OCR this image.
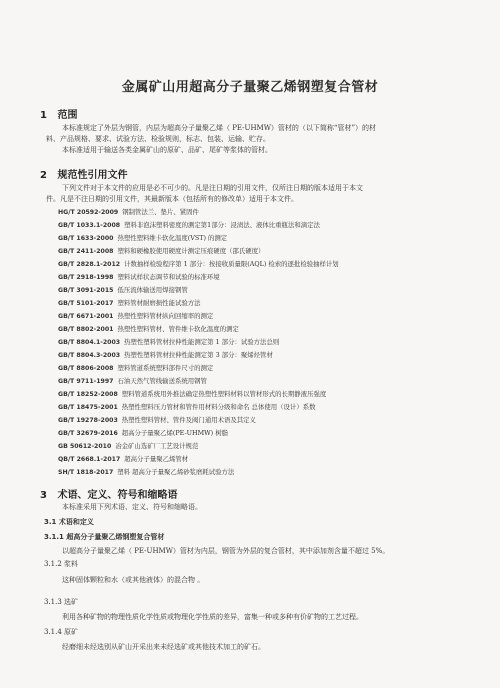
金属矿山用超高分子量聚乙烯钢塑复合管材
1 范围
本标准规定了外层为钢管，内层为超高分子量聚乙烯（ PE-UHMW）管材的（以下简称“管材”）的材
料、产品规格、要求、试验方法、检验规则，标志、包装、运输、贮存。
本标准适用于输送各类金属矿山的原矿、品矿、尾矿等浆体的管材。
2 规范性引用文件
下列文件对于本文件的应用是必不可少的。凡是注日期的引用文件，仅所注日期的版本适用于本文
件。凡是不注日期的引用文件，其最新版本（包括所有的修改单）适用于本文件。
HG/T 20592-2009 钢制管法兰、垫片、紧固件
GB/T 1033.1-2008 塑料非泡沫塑料密度的测定第1部分：浸渍法、液体比重瓶法和滴定法
GB/T 1633-2000 热塑性塑料维卡软化温度(VST) 的测定
GB/T 2411-2008 塑料和硬橡胶使用硬度计测定压痕硬度（邵氏硬度）
GB/T 2828.1-2012 计数抽样检验程序第 1 部分：按接收质量限(AQL) 检索的逐批检验抽样计划
GB/T 2918-1998 塑料试样状态调节和试验的标准环境
GB/T 3091-2015 低压流体输送用焊接钢管
GB/T 5101-2017 塑料管材耐磨损性能试验方法
GB/T 6671-2001 热塑性塑料管材纵向回缩率的测定
GB/T 8802-2001 热塑性塑料管材、管件维卡软化温度的测定
GB/T 8804.1-2003 热塑性塑料管材拉伸性能测定第 1 部分：试验方法总则
GB/T 8804.3-2003 热塑性塑料管材拉伸性能测定第 3 部分：聚烯烃管材
GB/T 8806-2008 塑料管道系统塑料部件尺寸的测定
GB/T 9711-1997 石油天然气管线输送系统用钢管
GB/T 18252-2008 塑料管道系统用外推法确定热塑性塑料材料以管材形式的长期静液压强度
GB/T 18475-2001 热塑性塑料压力管材和管件用材料分级和命名 总体使用（设计）系数
GB/T 19278-2003 热塑性塑料管材、管件及阀门通用术语及其定义
GB/T 32679-2016 超高分子量聚乙烯(PE-UHMW) 树脂
GB 50612-2010 冶金矿山选矿厂工艺设计规范
QB/T 2668.1-2017 超高分子量聚乙烯管材
SH/T 1818-2017 塑料 超高分子量聚乙烯砂浆磨耗试验方法
3 术语、定义、符号和缩略语
本标准采用下列术语、定义、符号和缩略语。
3.1 术语和定义
3.1.1 超高分子量聚乙烯钢塑复合管材
以超高分子量聚乙烯（ PE-UHMW）管材为内层，钢管为外层的复合管材，其中添加剂含量不超过 5%。
3.1.2 浆料
这种固体颗粒和水（或其他液体）的混合物 。
3.1.3 选矿
利用各种矿物的物理性质化学性质或物理化学性质的差异，富集一种或多种有价矿物的工艺过程。
3.1.4 原矿
经磨细未经选别从矿山开采出来未经选矿或其他技术加工的矿石。
